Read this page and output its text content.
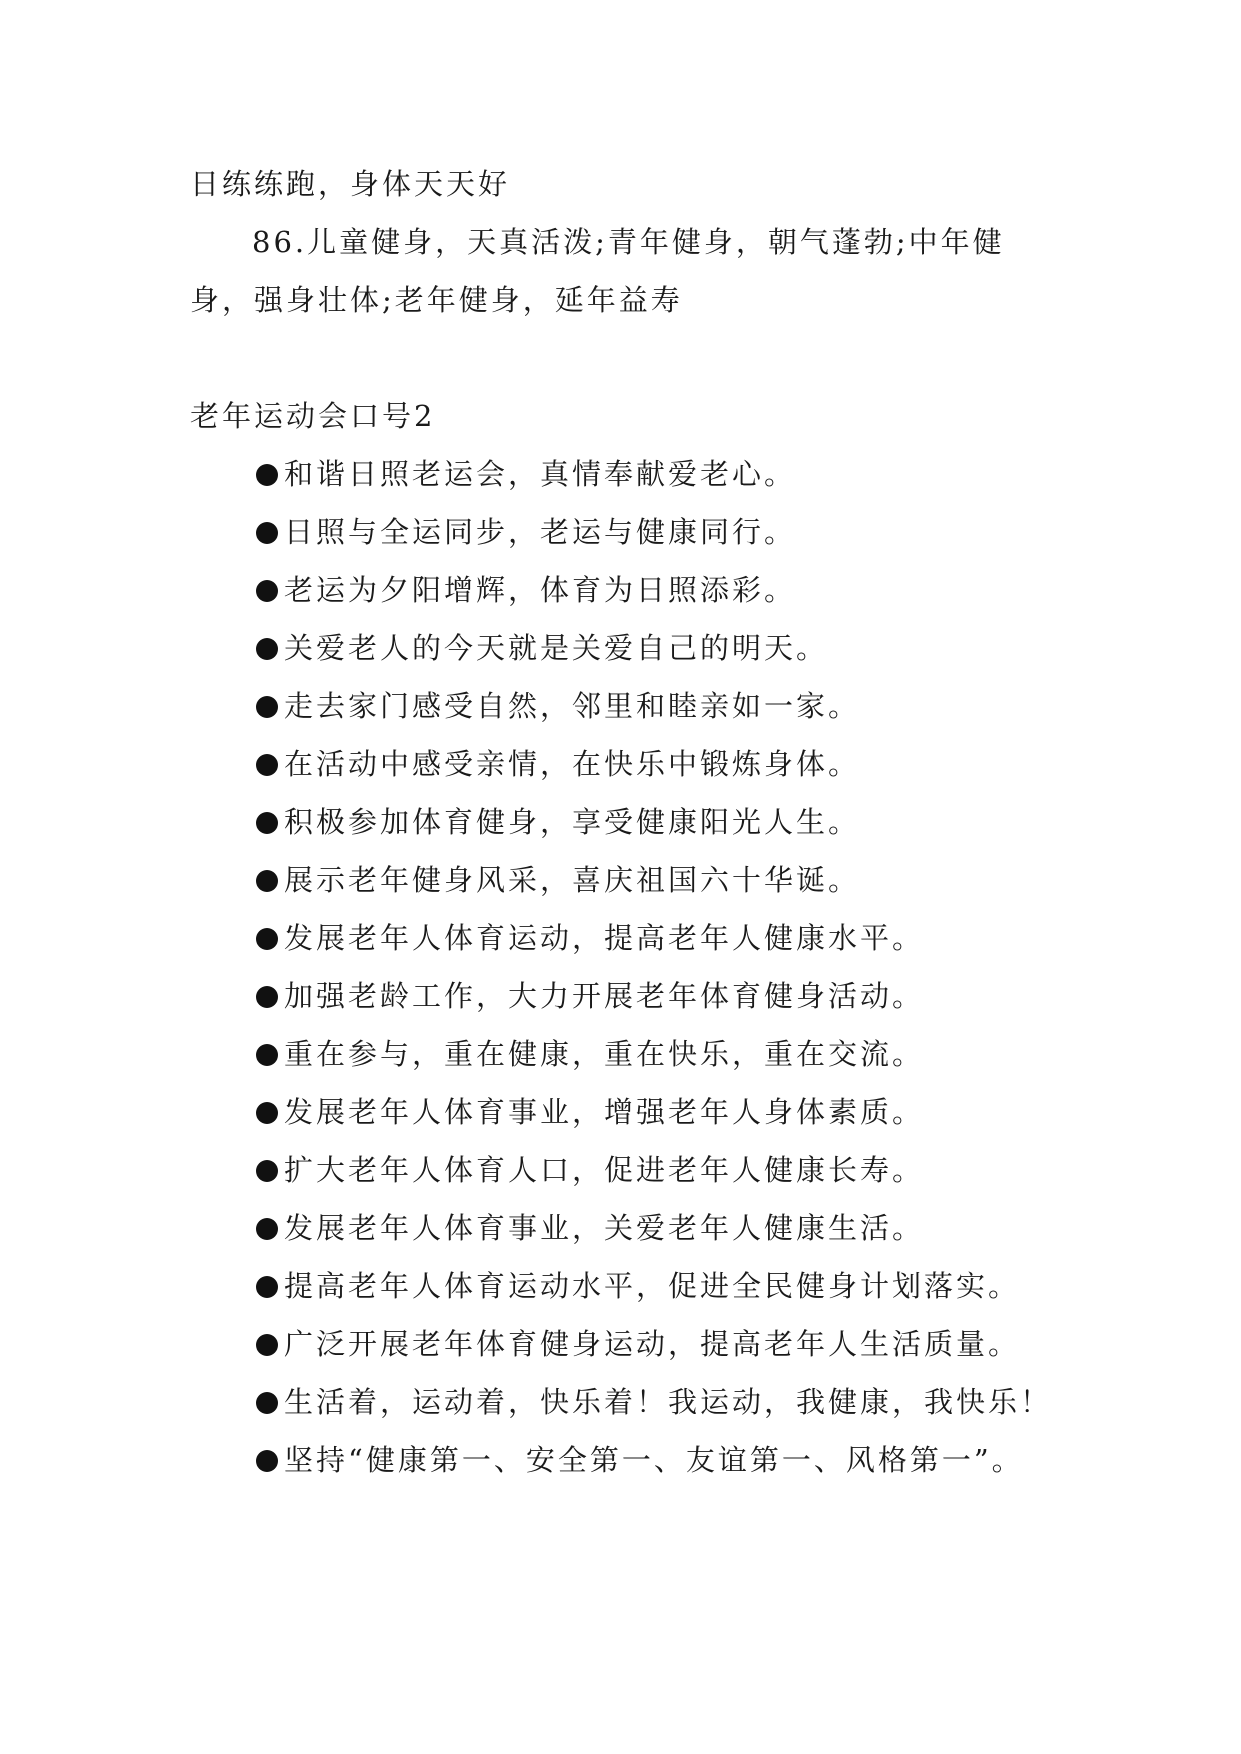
日练练跑，身体天天好
86.儿童健身，天真活泼;青年健身，朝气蓬勃;中年健
身，强身壮体;老年健身，延年益寿
老年运动会口号2
和谐日照老运会，真情奉献爱老心。
日照与全运同步，老运与健康同行。
老运为夕阳增辉，体育为日照添彩。
关爱老人的今天就是关爱自己的明天。
走去家门感受自然，邻里和睦亲如一家。
在活动中感受亲情，在快乐中锻炼身体。
积极参加体育健身，享受健康阳光人生。
展示老年健身风采，喜庆祖国六十华诞。
发展老年人体育运动，提高老年人健康水平。
加强老龄工作，大力开展老年体育健身活动。
重在参与，重在健康，重在快乐，重在交流。
发展老年人体育事业，增强老年人身体素质。
扩大老年人体育人口，促进老年人健康长寿。
发展老年人体育事业，关爱老年人健康生活。
提高老年人体育运动水平，促进全民健身计划落实。
广泛开展老年体育健身运动，提高老年人生活质量。
生活着，运动着，快乐着！我运动，我健康，我快乐！
坚持“健康第一、安全第一、友谊第一、风格第一”。
